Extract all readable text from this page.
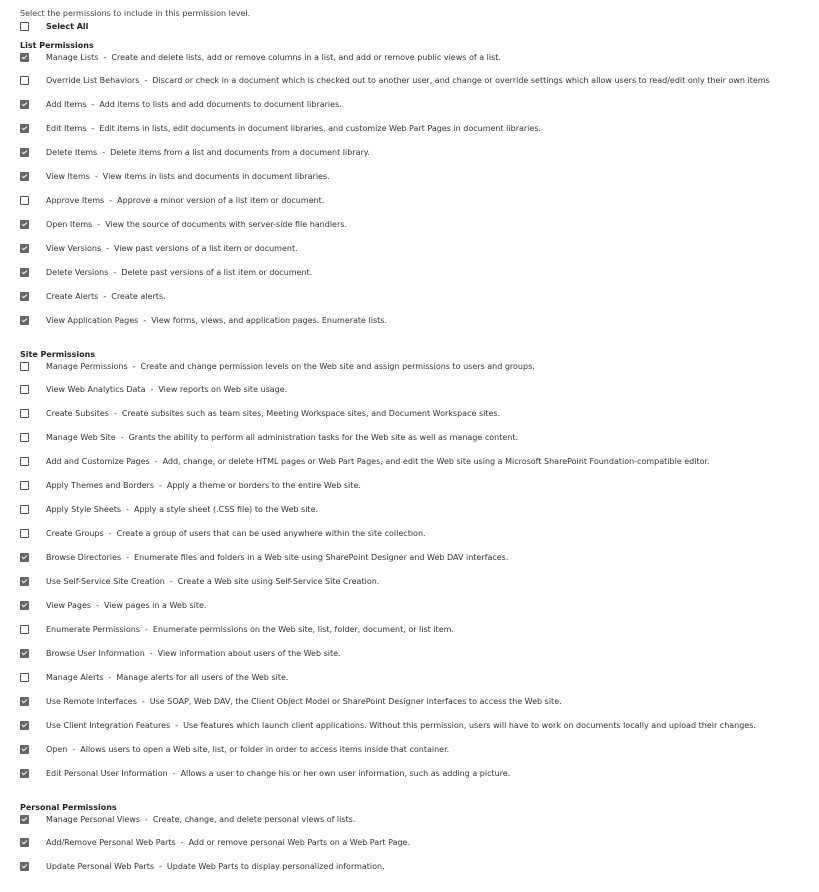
Select the permissions to include in this permission level.
Select All
List Permissions
Manage Lists - Create and delete lists, add or remove columns in a list, and add or remove public views of a list.
Override List Behaviors - Discard or check in a document which is checked out to another user, and change or override settings which allow users to read/edit only their own items
Add Items - Add items to lists and add documents to document libraries.
Edit Items - Edit items in lists, edit documents in document libraries, and customize Web Part Pages in document libraries.
Delete Items - Delete items from a list and documents from a document library.
View Items - View items in lists and documents in document libraries.
Approve Items - Approve a minor version of a list item or document.
Open Items - View the source of documents with server-side file handlers.
View Versions - View past versions of a list item or document.
Delete Versions - Delete past versions of a list item or document.
Create Alerts - Create alerts.
View Application Pages - View forms, views, and application pages. Enumerate lists.
Site Permissions
Manage Permissions - Create and change permission levels on the Web site and assign permissions to users and groups.
View Web Analytics Data - View reports on Web site usage.
Create Subsites - Create subsites such as team sites, Meeting Workspace sites, and Document Workspace sites.
Manage Web Site - Grants the ability to perform all administration tasks for the Web site as well as manage content.
Add and Customize Pages - Add, change, or delete HTML pages or Web Part Pages, and edit the Web site using a Microsoft SharePoint Foundation-compatible editor.
Apply Themes and Borders - Apply a theme or borders to the entire Web site.
Apply Style Sheets - Apply a style sheet (.CSS file) to the Web site.
Create Groups - Create a group of users that can be used anywhere within the site collection.
Browse Directories - Enumerate files and folders in a Web site using SharePoint Designer and Web DAV interfaces.
Use Self-Service Site Creation - Create a Web site using Self-Service Site Creation.
View Pages - View pages in a Web site.
Enumerate Permissions - Enumerate permissions on the Web site, list, folder, document, or list item.
Browse User Information - View information about users of the Web site.
Manage Alerts - Manage alerts for all users of the Web site.
Use Remote Interfaces - Use SOAP, Web DAV, the Client Object Model or SharePoint Designer interfaces to access the Web site.
Use Client Integration Features - Use features which launch client applications. Without this permission, users will have to work on documents locally and upload their changes.
Open - Allows users to open a Web site, list, or folder in order to access items inside that container.
Edit Personal User Information - Allows a user to change his or her own user information, such as adding a picture.
Personal Permissions
Manage Personal Views - Create, change, and delete personal views of lists.
Add/Remove Personal Web Parts - Add or remove personal Web Parts on a Web Part Page.
Update Personal Web Parts - Update Web Parts to display personalized information.
